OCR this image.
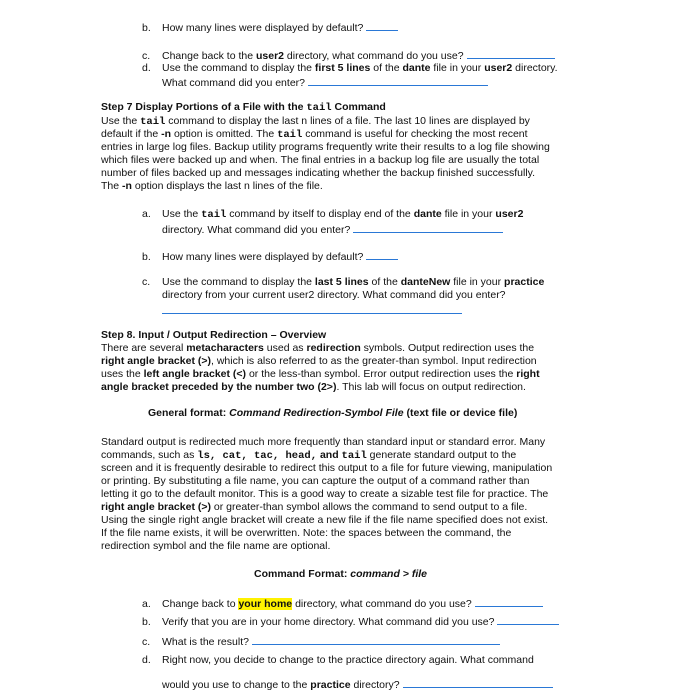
b. How many lines were displayed by default?
c. Change back to the user2 directory, what command do you use?
d. Use the command to display the first 5 lines of the dante file in your user2 directory.
What command did you enter?
Step 7 Display Portions of a File with the tail Command
Use the tail command to display the last n lines of a file. The last 10 lines are displayed by
default if the -n option is omitted. The tail command is useful for checking the most recent
entries in large log files. Backup utility programs frequently write their results to a log file showing
which files were backed up and when. The final entries in a backup log file are usually the total
number of files backed up and messages indicating whether the backup finished successfully.
The -n option displays the last n lines of the file.
a. Use the tail command by itself to display end of the dante file in your user2
directory. What command did you enter?
b. How many lines were displayed by default?
c. Use the command to display the last 5 lines of the danteNew file in your practice
directory from your current user2 directory. What command did you enter?
Step 8. Input / Output Redirection – Overview
There are several metacharacters used as redirection symbols. Output redirection uses the
right angle bracket (>), which is also referred to as the greater-than symbol. Input redirection
uses the left angle bracket (<) or the less-than symbol. Error output redirection uses the right
angle bracket preceded by the number two (2>). This lab will focus on output redirection.
General format: Command Redirection-Symbol File (text file or device file)
Standard output is redirected much more frequently than standard input or standard error. Many
commands, such as ls, cat, tac, head, and tail generate standard output to the
screen and it is frequently desirable to redirect this output to a file for future viewing, manipulation
or printing. By substituting a file name, you can capture the output of a command rather than
letting it go to the default monitor. This is a good way to create a sizable test file for practice. The
right angle bracket (>) or greater-than symbol allows the command to send output to a file.
Using the single right angle bracket will create a new file if the file name specified does not exist.
If the file name exists, it will be overwritten. Note: the spaces between the command, the
redirection symbol and the file name are optional.
Command Format: command > file
a. Change back to your home directory, what command do you use?
b. Verify that you are in your home directory. What command did you use?
c. What is the result?
d. Right now, you decide to change to the practice directory again. What command
would you use to change to the practice directory?
